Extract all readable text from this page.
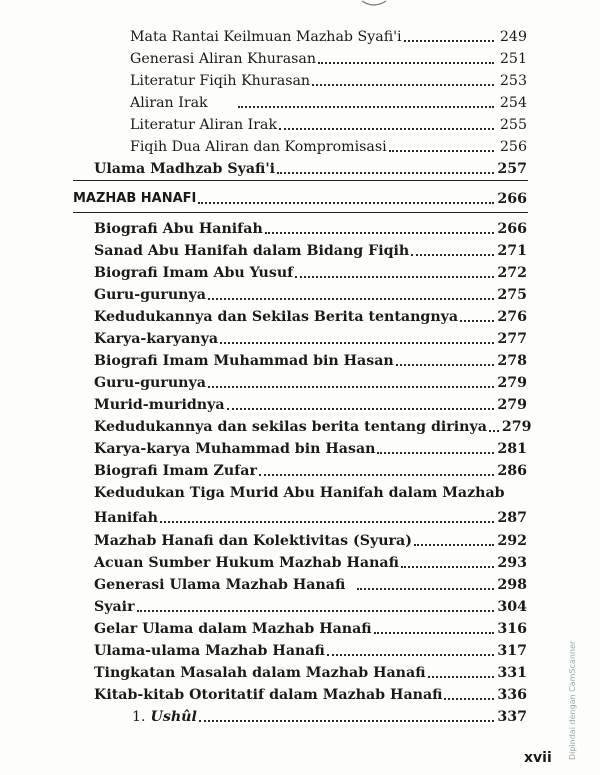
Mata Rantai Keilmuan Mazhab Syafi'i	249
Generasi Aliran Khurasan	251
Literatur Fiqih Khurasan	253
Aliran Irak	254
Literatur Aliran Irak	255
Fiqih Dua Aliran dan Kompromisasi	256
Ulama Madhzab Syafi'i	257
MAZHAB HANAFI	266
Biografi Abu Hanifah	266
Sanad Abu Hanifah dalam Bidang Fiqih	271
Biografi Imam Abu Yusuf	272
Guru-gurunya	275
Kedudukannya dan Sekilas Berita tentangnya	276
Karya-karyanya	277
Biografi Imam Muhammad bin Hasan	278
Guru-gurunya	279
Murid-muridnya	279
Kedudukannya dan sekilas berita tentang dirinya 279
Karya-karya Muhammad bin Hasan	281
Biografi Imam Zufar	286
Kedudukan Tiga Murid Abu Hanifah dalam Mazhab
Hanifah	287
Mazhab Hanafi dan Kolektivitas (Syura)	292
Acuan Sumber Hukum Mazhab Hanafi	293
Generasi Ulama Mazhab Hanafi	298
Syair	304
Gelar Ulama dalam Mazhab Hanafi	316
Ulama-ulama Mazhab Hanafi	317
Tingkatan Masalah dalam Mazhab Hanafi	331
Kitab-kitab Otoritatif dalam Mazhab Hanafi	336
1. Ushûl	337
xvii Dipindai dengan CamScanner
